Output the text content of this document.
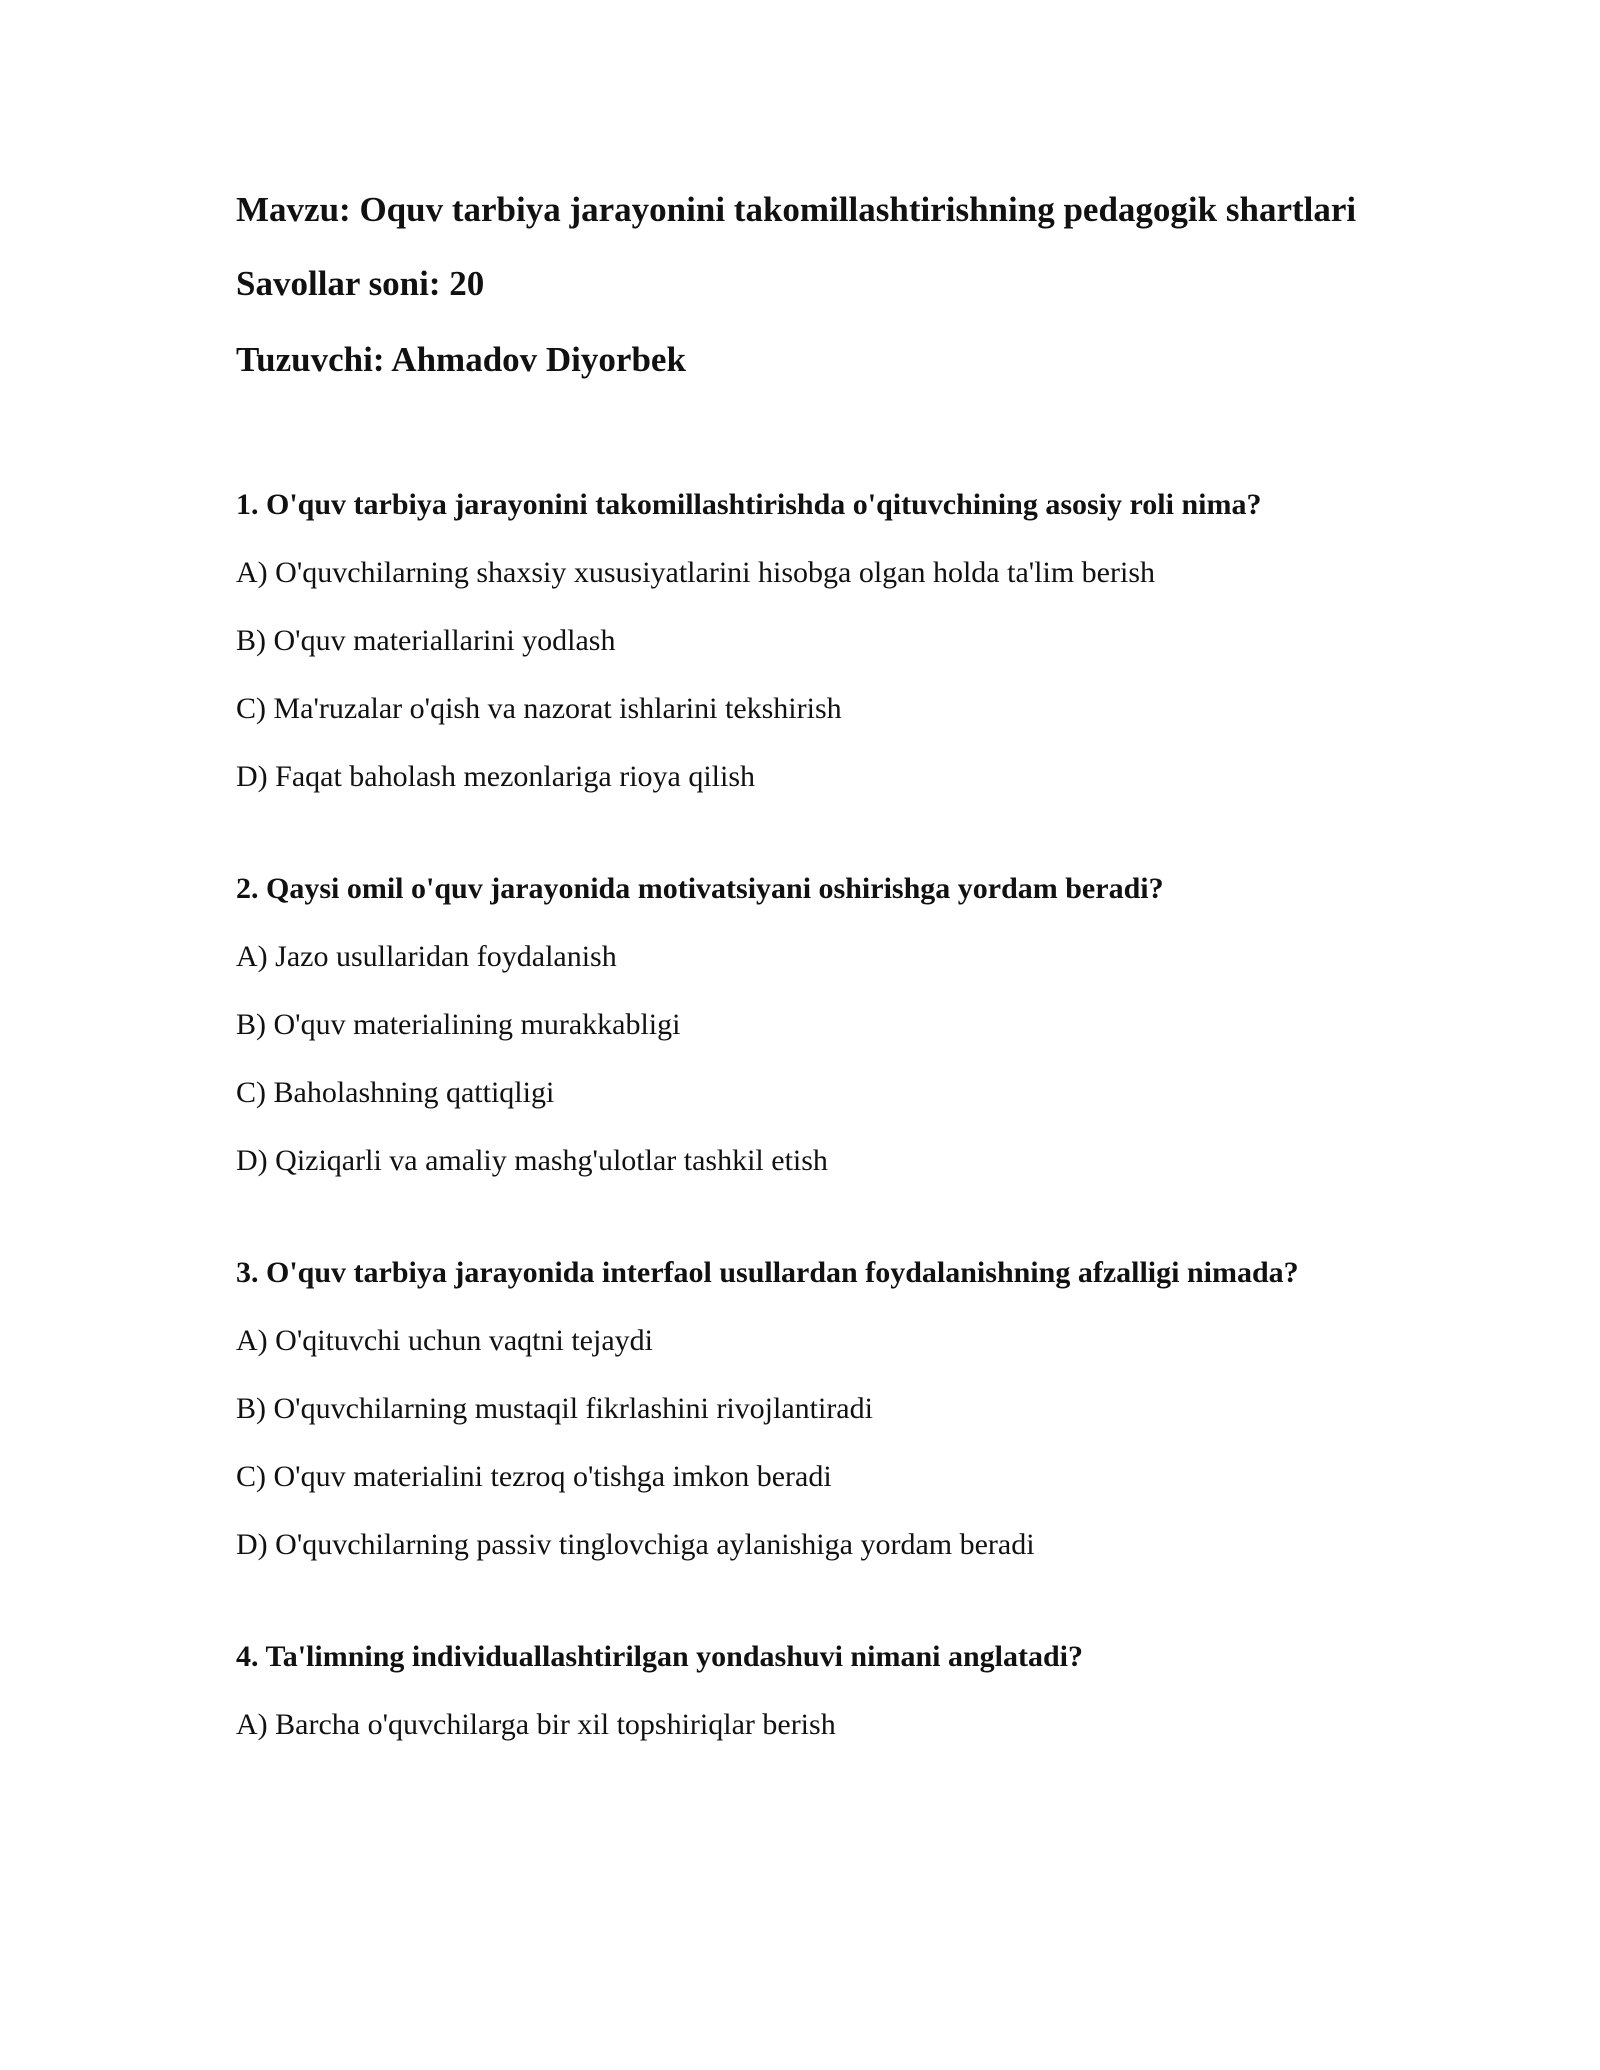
Mavzu: Oquv tarbiya jarayonini takomillashtirishning pedagogik shartlari

Savollar soni: 20

Tuzuvchi: Ahmadov Diyorbek

1. O'quv tarbiya jarayonini takomillashtirishda o'qituvchining asosiy roli nima?

A) O'quvchilarning shaxsiy xususiyatlarini hisobga olgan holda ta'lim berish

B) O'quv materiallarini yodlash

C) Ma'ruzalar o'qish va nazorat ishlarini tekshirish

D) Faqat baholash mezonlariga rioya qilish

2. Qaysi omil o'quv jarayonida motivatsiyani oshirishga yordam beradi?

A) Jazo usullaridan foydalanish

B) O'quv materialining murakkabligi

C) Baholashning qattiqligi

D) Qiziqarli va amaliy mashg'ulotlar tashkil etish

3. O'quv tarbiya jarayonida interfaol usullardan foydalanishning afzalligi nimada?

A) O'qituvchi uchun vaqtni tejaydi

B) O'quvchilarning mustaqil fikrlashini rivojlantiradi

C) O'quv materialini tezroq o'tishga imkon beradi

D) O'quvchilarning passiv tinglovchiga aylanishiga yordam beradi

4. Ta'limning individuallashtirilgan yondashuvi nimani anglatadi?

A) Barcha o'quvchilarga bir xil topshiriqlar berish
